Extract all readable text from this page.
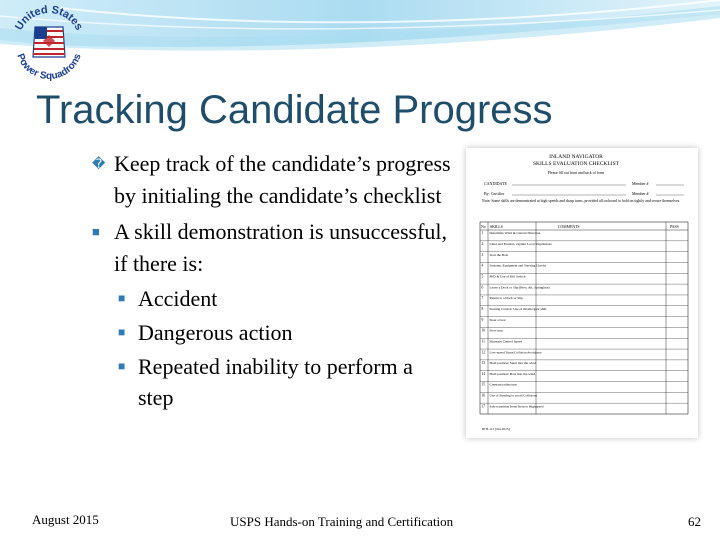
United States
Power Squadrons
Tracking Candidate Progress
� Keep track of the candidate’s progress by initialing the candidate’s checklist
■ A skill demonstration is unsuccessful, if there is:
■ Accident
■ Dangerous action
■ Repeated inability to perform a step
INLAND NAVIGATOR
SKILLS EVALUATION CHECKLIST
Please fill out front and back of form
CANDIDATE	Member #
By: Certifier	Member #
Note: Some skills are demonstrated at high speeds and sharp turns, provided all on board to hold on tightly and secure themselves.
No SKILLS	COMMENTS	PASS
1 Determine Wind & Current Direction
2 Lines and Fenders, explain Local Regulations
3 Start the Boat
4 Systems, Equipment and Steering Checks
5 PFD & Use of Kill Switch
6 Leave a Dock or Slip (Bow, Aft, Springline)
7 Return to a Dock or Slip
8 Starting Control: Use of throttle/gear shift
9 Steer a boat
10 Stow turn
11 Maintain Control Speed
12 Low-speed Turns/Collision Avoidance
13 Hold position: Stern into the wind
14 Hold position: Bow into the wind
15 Constant radius turn
16 Use of Steering to avoid Collisions
17 Safe transition from Stern to Highspeed
IPTL-01 (Jan 2015)
August 2015	USPS Hands-on Training and Certification	62
